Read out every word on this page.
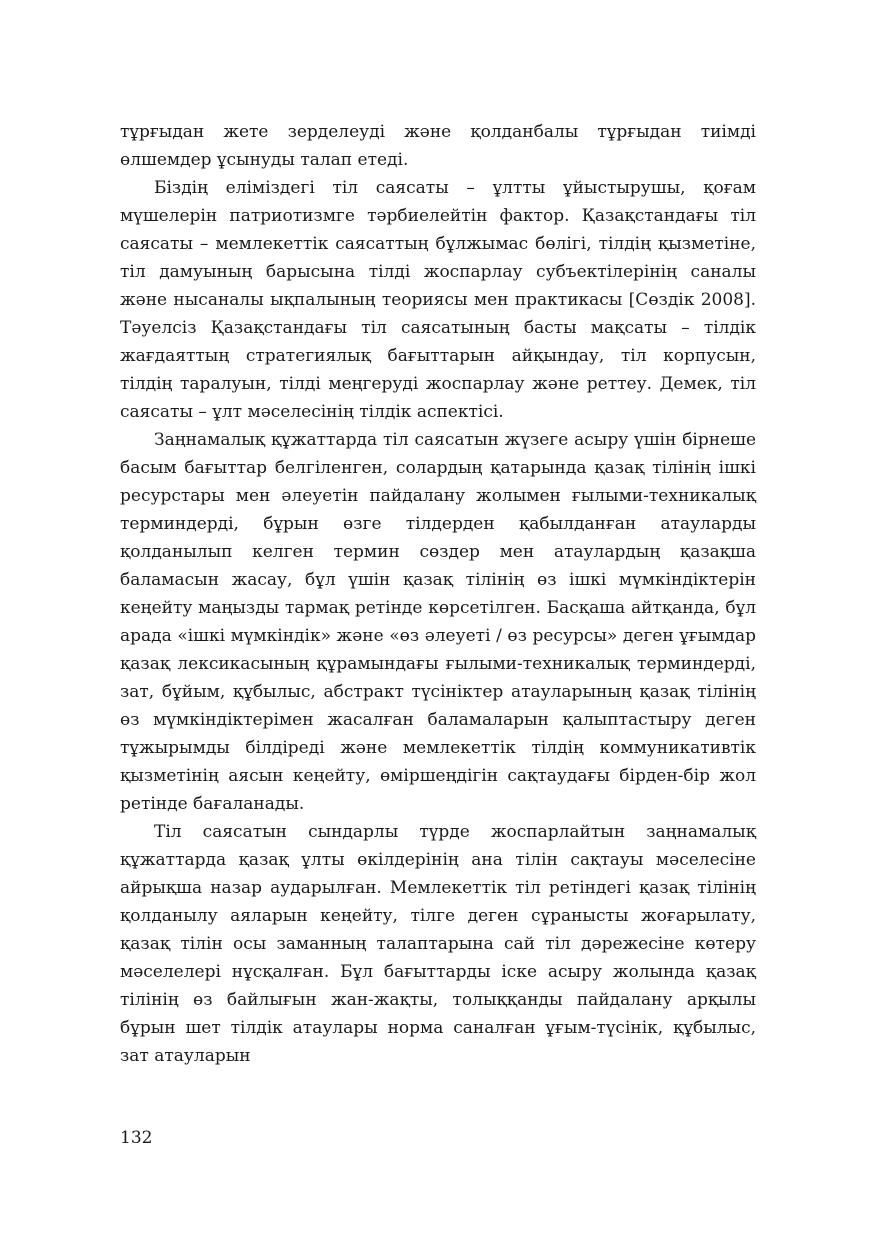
тұрғыдан жете зерделеуді және қолданбалы тұрғыдан тиімді өлшемдер ұсынуды талап етеді.

Біздің еліміздегі тіл саясаты – ұлтты ұйыстырушы, қоғам мүшелерін патриотизмге тәрбиелейтін фактор. Қазақстандағы тіл саясаты – мемлекеттік саясаттың бұлжымас бөлігі, тілдің қызметіне, тіл дамуының барысына тілді жоспарлау субъектілерінің саналы және нысаналы ықпалының теориясы мен практикасы [Сөздік 2008]. Тәуелсіз Қазақстандағы тіл саясатының басты мақсаты – тілдік жағдаяттың стратегиялық бағыттарын айқындау, тіл корпусын, тілдің таралуын, тілді меңгеруді жоспарлау және реттеу. Демек, тіл саясаты – ұлт мәселесінің тілдік аспектісі.

Заңнамалық құжаттарда тіл саясатын жүзеге асыру үшін бірнеше басым бағыттар белгіленген, солардың қатарында қазақ тілінің ішкі ресурстары мен әлеуетін пайдалану жолымен ғылыми-техникалық терминдерді, бұрын өзге тілдерден қабылданған атауларды қолданылып келген термин сөздер мен атаулардың қазақша баламасын жасау, бұл үшін қазақ тілінің өз ішкі мүмкіндіктерін кеңейту маңызды тармақ ретінде көрсетілген. Басқаша айтқанда, бұл арада «ішкі мүмкіндік» және «өз әлеуеті / өз ресурсы» деген ұғымдар қазақ лексикасының құрамындағы ғылыми-техникалық терминдерді, зат, бұйым, құбылыс, абстракт түсініктер атауларының қазақ тілінің өз мүмкіндіктерімен жасалған баламаларын қалыптастыру деген тұжырымды білдіреді және мемлекеттік тілдің коммуникативтік қызметінің аясын кеңейту, өміршеңдігін сақтаудағы бірден-бір жол ретінде бағаланады.

Тіл саясатын сындарлы түрде жоспарлайтын заңнамалық құжаттарда қазақ ұлты өкілдерінің ана тілін сақтауы мәселесіне айрықша назар аударылған. Мемлекеттік тіл ретіндегі қазақ тілінің қолданылу аяларын кеңейту, тілге деген сұранысты жоғарылату, қазақ тілін осы заманның талаптарына сай тіл дәрежесіне көтеру мәселелері нұсқалған. Бұл бағыттарды іске асыру жолында қазақ тілінің өз байлығын жан-жақты, толыққанды пайдалану арқылы бұрын шет тілдік атаулары норма саналған ұғым-түсінік, құбылыс, зат атауларын

132
